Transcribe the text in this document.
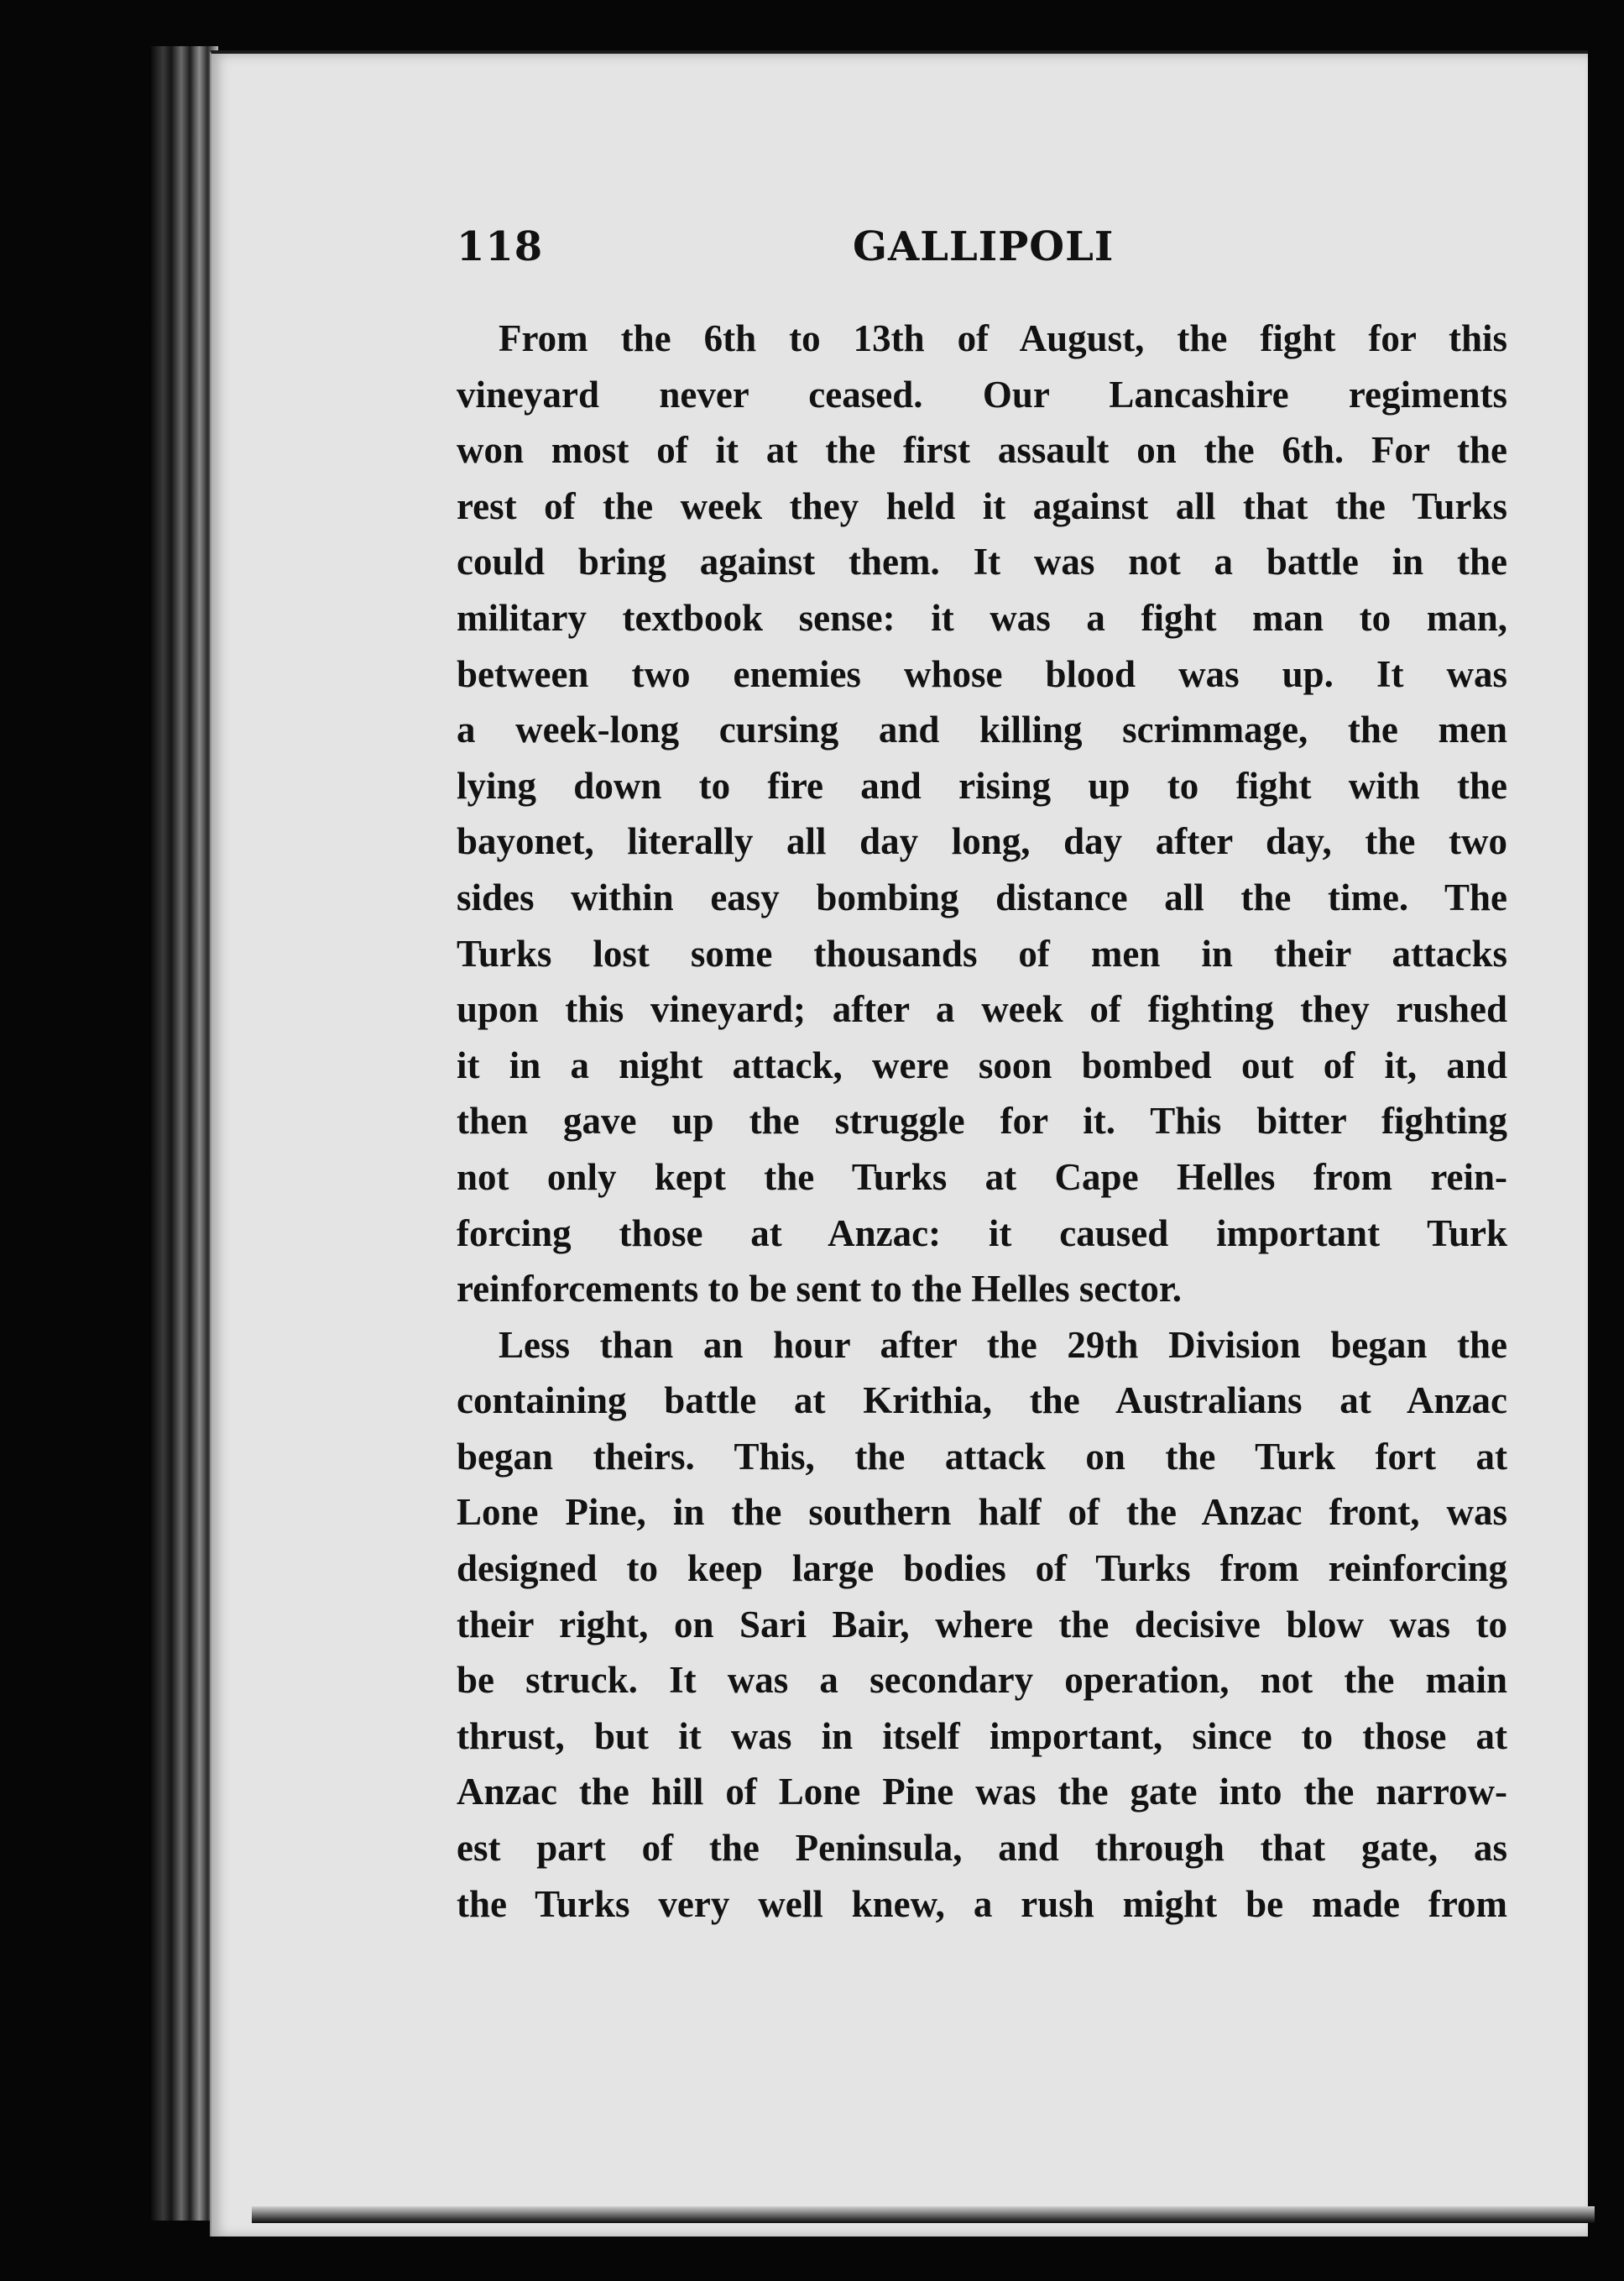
118	GALLIPOLI
From the 6th to 13th of August, the fight for this
vineyard never ceased. Our Lancashire regiments
won most of it at the first assault on the 6th. For the
rest of the week they held it against all that the Turks
could bring against them. It was not a battle in the
military textbook sense: it was a fight man to man,
between two enemies whose blood was up. It was
a week-long cursing and killing scrimmage, the men
lying down to fire and rising up to fight with the
bayonet, literally all day long, day after day, the two
sides within easy bombing distance all the time. The
Turks lost some thousands of men in their attacks
upon this vineyard; after a week of fighting they rushed
it in a night attack, were soon bombed out of it, and
then gave up the struggle for it. This bitter fighting
not only kept the Turks at Cape Helles from rein-
forcing those at Anzac: it caused important Turk
reinforcements to be sent to the Helles sector.
Less than an hour after the 29th Division began the
containing battle at Krithia, the Australians at Anzac
began theirs. This, the attack on the Turk fort at
Lone Pine, in the southern half of the Anzac front, was
designed to keep large bodies of Turks from reinforcing
their right, on Sari Bair, where the decisive blow was to
be struck. It was a secondary operation, not the main
thrust, but it was in itself important, since to those at
Anzac the hill of Lone Pine was the gate into the narrow-
est part of the Peninsula, and through that gate, as
the Turks very well knew, a rush might be made from
